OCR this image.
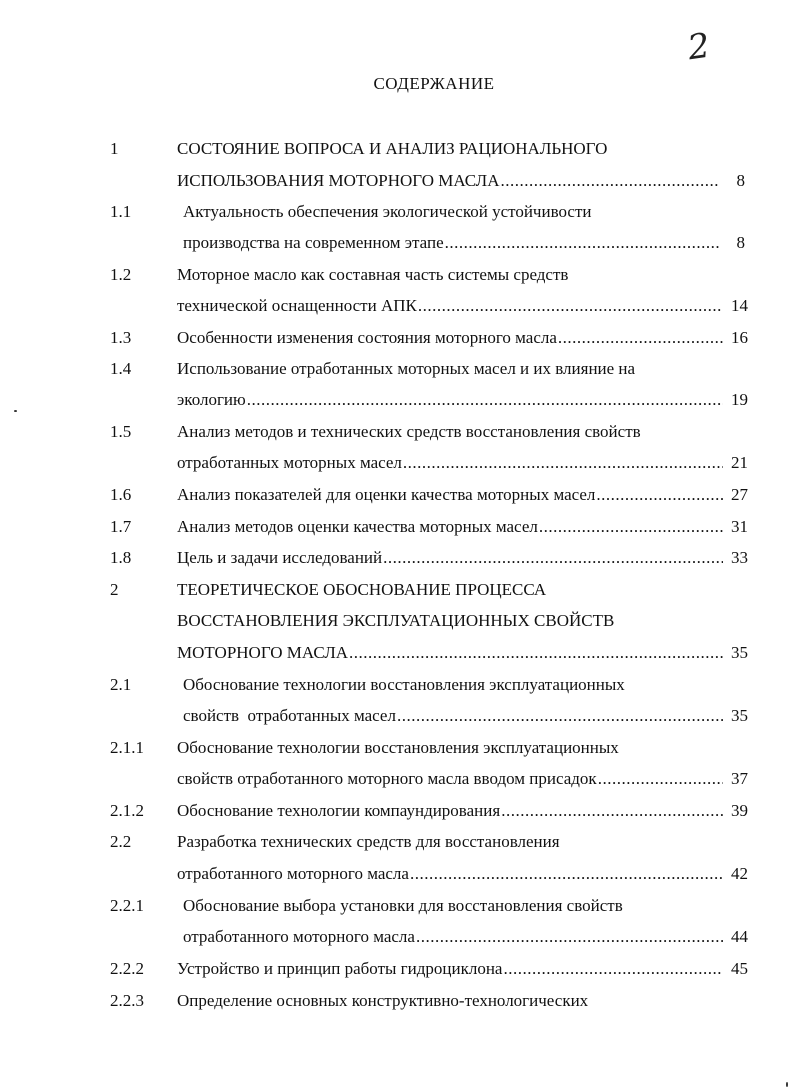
2
СОДЕРЖАНИЕ
1	СОСТОЯНИЕ ВОПРОСА И АНАЛИЗ РАЦИОНАЛЬНОГО
ИСПОЛЬЗОВАНИЯ МОТОРНОГО МАСЛА .....	8
1.1	Актуальность обеспечения экологической устойчивости
производства на современном этапе .....	8
1.2	Моторное масло как составная часть системы средств
технической оснащенности АПК .....	14
1.3	Особенности изменения состояния моторного масла .....	16
1.4	Использование отработанных моторных масел и их влияние на
экологию .....	19
1.5	Анализ методов и технических средств восстановления свойств
отработанных моторных масел .....	21
1.6	Анализ показателей для оценки качества моторных масел .....	27
1.7	Анализ методов оценки качества моторных масел .....	31
1.8	Цель и задачи исследований .....	33
2	ТЕОРЕТИЧЕСКОЕ ОБОСНОВАНИЕ ПРОЦЕССА
ВОССТАНОВЛЕНИЯ ЭКСПЛУАТАЦИОННЫХ СВОЙСТВ
МОТОРНОГО МАСЛА .....	35
2.1	Обоснование технологии восстановления эксплуатационных
свойств  отработанных масел .....	35
2.1.1 Обоснование технологии восстановления эксплуатационных
свойств отработанного моторного масла вводом присадок .....	37
2.1.2 Обоснование технологии компаундирования .....	39
2.2	Разработка технических средств для восстановления
отработанного моторного масла .....	42
2.2.1 Обоснование выбора установки для восстановления свойств
отработанного моторного масла .....	44
2.2.2 Устройство и принцип работы гидроциклона .....	45
2.2.3 Определение основных конструктивно-технологических
